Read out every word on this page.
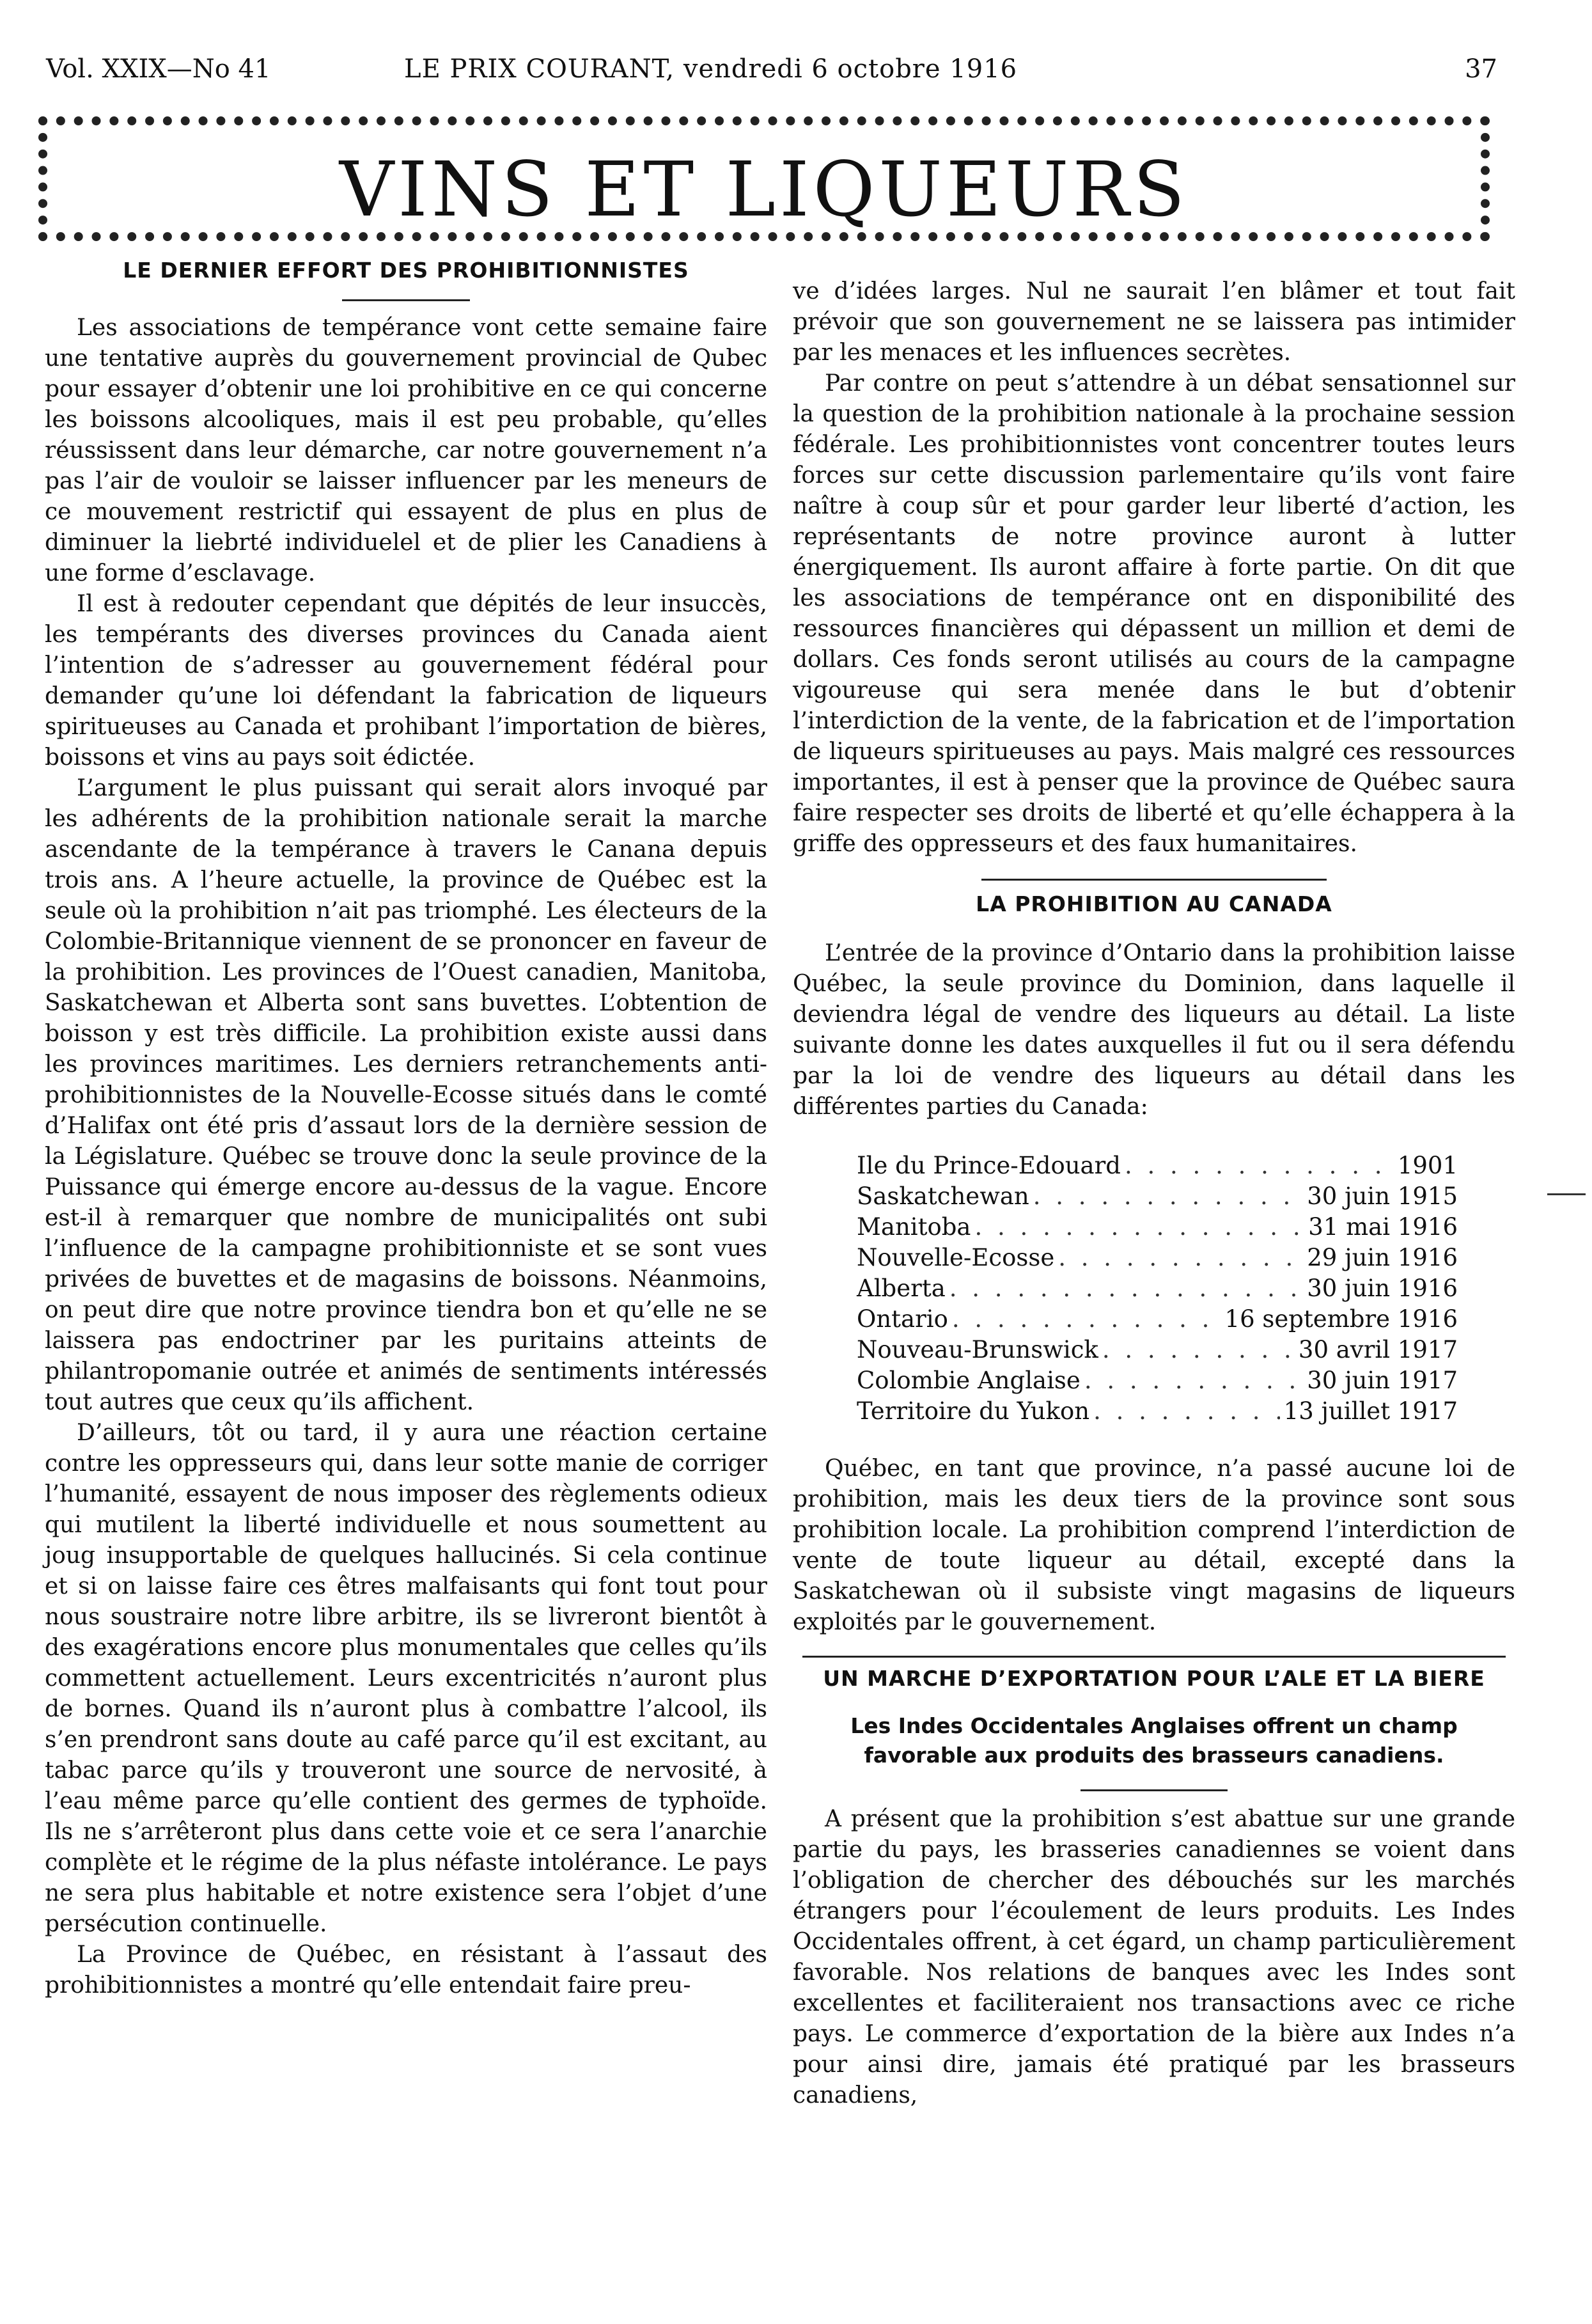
Vol. XXIX—No 41	LE PRIX COURANT, vendredi 6 octobre 1916	37
VINS ET LIQUEURS
LE DERNIER EFFORT DES PROHIBITIONNISTES

Les associations de tempérance vont cette semaine faire une tentative auprès du gouvernement provincial de Qubec pour essayer d’obtenir une loi prohibitive en ce qui concerne les boissons alcooliques, mais il est peu probable, qu’elles réussissent dans leur démarche, car notre gouvernement n’a pas l’air de vouloir se laisser influencer par les meneurs de ce mouvement restrictif qui essayent de plus en plus de diminuer la liebrté individuelel et de plier les Canadiens à une forme d’esclavage.

Il est à redouter cependant que dépités de leur insuccès, les tempérants des diverses provinces du Canada aient l’intention de s’adresser au gouvernement fédéral pour demander qu’une loi défendant la fabrication de liqueurs spiritueuses au Canada et prohibant l’importation de bières, boissons et vins au pays soit édictée.

L’argument le plus puissant qui serait alors invoqué par les adhérents de la prohibition nationale serait la marche ascendante de la tempérance à travers le Canana depuis trois ans. A l’heure actuelle, la province de Québec est la seule où la prohibition n’ait pas triomphé. Les électeurs de la Colombie-Britannique viennent de se prononcer en faveur de la prohibition. Les provinces de l’Ouest canadien, Manitoba, Saskatchewan et Alberta sont sans buvettes. L’obtention de boisson y est très difficile. La prohibition existe aussi dans les provinces maritimes. Les derniers retranchements anti-prohibitionnistes de la Nouvelle-Ecosse situés dans le comté d’Halifax ont été pris d’assaut lors de la dernière session de la Législature. Québec se trouve donc la seule province de la Puissance qui émerge encore au-dessus de la vague. Encore est-il à remarquer que nombre de municipalités ont subi l’influence de la campagne prohibitionniste et se sont vues privées de buvettes et de magasins de boissons. Néanmoins, on peut dire que notre province tiendra bon et qu’elle ne se laissera pas endoctriner par les puritains atteints de philantropomanie outrée et animés de sentiments intéressés tout autres que ceux qu’ils affichent.

D’ailleurs, tôt ou tard, il y aura une réaction certaine contre les oppresseurs qui, dans leur sotte manie de corriger l’humanité, essayent de nous imposer des règlements odieux qui mutilent la liberté individuelle et nous soumettent au joug insupportable de quelques hallucinés. Si cela continue et si on laisse faire ces êtres malfaisants qui font tout pour nous soustraire notre libre arbitre, ils se livreront bientôt à des exagérations encore plus monumentales que celles qu’ils commettent actuellement. Leurs excentricités n’auront plus de bornes. Quand ils n’auront plus à combattre l’alcool, ils s’en prendront sans doute au café parce qu’il est excitant, au tabac parce qu’ils y trouveront une source de nervosité, à l’eau même parce qu’elle contient des germes de typhoïde. Ils ne s’arrêteront plus dans cette voie et ce sera l’anarchie complète et le régime de la plus néfaste intolérance. Le pays ne sera plus habitable et notre existence sera l’objet d’une persécution continuelle.

La Province de Québec, en résistant à l’assaut des prohibitionnistes a montré qu’elle entendait faire preu-

ve d’idées larges. Nul ne saurait l’en blâmer et tout fait prévoir que son gouvernement ne se laissera pas intimider par les menaces et les influences secrètes.

Par contre on peut s’attendre à un débat sensationnel sur la question de la prohibition nationale à la prochaine session fédérale. Les prohibitionnistes vont concentrer toutes leurs forces sur cette discussion parlementaire qu’ils vont faire naître à coup sûr et pour garder leur liberté d’action, les représentants de notre province auront à lutter énergiquement. Ils auront affaire à forte partie. On dit que les associations de tempérance ont en disponibilité des ressources financières qui dépassent un million et demi de dollars. Ces fonds seront utilisés au cours de la campagne vigoureuse qui sera menée dans le but d’obtenir l’interdiction de la vente, de la fabrication et de l’importation de liqueurs spiritueuses au pays. Mais malgré ces ressources importantes, il est à penser que la province de Québec saura faire respecter ses droits de liberté et qu’elle échappera à la griffe des oppresseurs et des faux humanitaires.

LA PROHIBITION AU CANADA

L’entrée de la province d’Ontario dans la prohibition laisse Québec, la seule province du Dominion, dans laquelle il deviendra légal de vendre des liqueurs au détail. La liste suivante donne les dates auxquelles il fut ou il sera défendu par la loi de vendre des liqueurs au détail dans les différentes parties du Canada:

Ile du Prince-Edouard . . .	1901
Saskatchewan . . .	30 juin 1915
Manitoba . . .	31 mai 1916
Nouvelle-Ecosse . . .	29 juin 1916
Alberta . . .	30 juin 1916
Ontario . . .	16 septembre 1916
Nouveau-Brunswick . . .	30 avril 1917
Colombie Anglaise . . .	30 juin 1917
Territoire du Yukon . . .	13 juillet 1917

Québec, en tant que province, n’a passé aucune loi de prohibition, mais les deux tiers de la province sont sous prohibition locale. La prohibition comprend l’interdiction de vente de toute liqueur au détail, excepté dans la Saskatchewan où il subsiste vingt magasins de liqueurs exploités par le gouvernement.

UN MARCHE D’EXPORTATION POUR L’ALE ET LA BIERE
Les Indes Occidentales Anglaises offrent un champ favorable aux produits des brasseurs canadiens.

A présent que la prohibition s’est abattue sur une grande partie du pays, les brasseries canadiennes se voient dans l’obligation de chercher des débouchés sur les marchés étrangers pour l’écoulement de leurs produits. Les Indes Occidentales offrent, à cet égard, un champ particulièrement favorable. Nos relations de banques avec les Indes sont excellentes et faciliteraient nos transactions avec ce riche pays. Le commerce d’exportation de la bière aux Indes n’a pour ainsi dire, jamais été pratiqué par les brasseurs canadiens,
